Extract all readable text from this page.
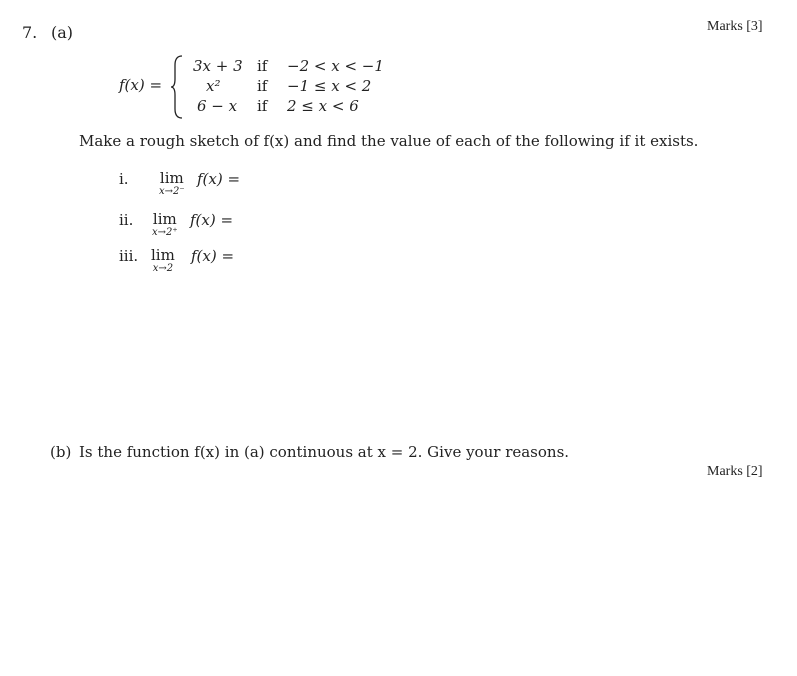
7. (a)	Marks [3]
f(x) =
3x + 3 if −2 < x < −1
x² if −1 ≤ x < 2
6 − x if 2 ≤ x < 6
Make a rough sketch of f(x) and find the value of each of the following if it exists.
i. lim
x→2⁻
f(x) =
ii. lim
x→2⁺
f(x) =
iii. lim
x→2
f(x) =
(b) Is the function f(x) in (a) continuous at x = 2. Give your reasons.
Marks [2]
